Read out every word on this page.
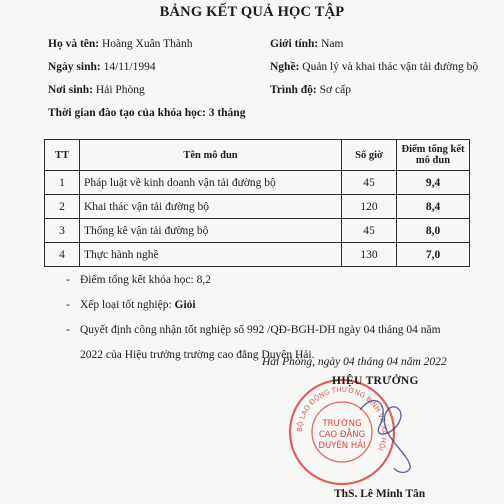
BẢNG KẾT QUẢ HỌC TẬP
Họ và tên: Hoàng Xuân Thành	Giới tính: Nam
Ngày sinh: 14/11/1994	Nghề: Quản lý và khai thác vận tải đường bộ
Nơi sinh: Hải Phòng	Trình độ: Sơ cấp
Thời gian đào tạo của khóa học: 3 tháng
TT	Tên mô đun	Số giờ	Điểm tổng kết mô đun
1	Pháp luật về kinh doanh vận tải đường bộ	45	9,4
2	Khai thác vận tải đường bộ	120	8,4
3	Thống kê vận tải đường bộ	45	8,0
4	Thực hành nghề	130	7,0
- Điểm tổng kết khóa học: 8,2
- Xếp loại tốt nghiệp: Giỏi
- Quyết định công nhận tốt nghiệp số 992 /QĐ-BGH-DH ngày 04 tháng 04 năm
2022 của Hiệu trưởng trường cao đẳng Duyên Hải.
BỘ LAO ĐỘNG THƯƠNG BINH VÀ XÃ HỘI
TRƯỜNG
CAO ĐẲNG
DUYÊN HẢI
Hải Phòng, ngày 04 tháng 04 năm 2022
HIỆU TRƯỞNG
ThS. Lê Minh Tân
